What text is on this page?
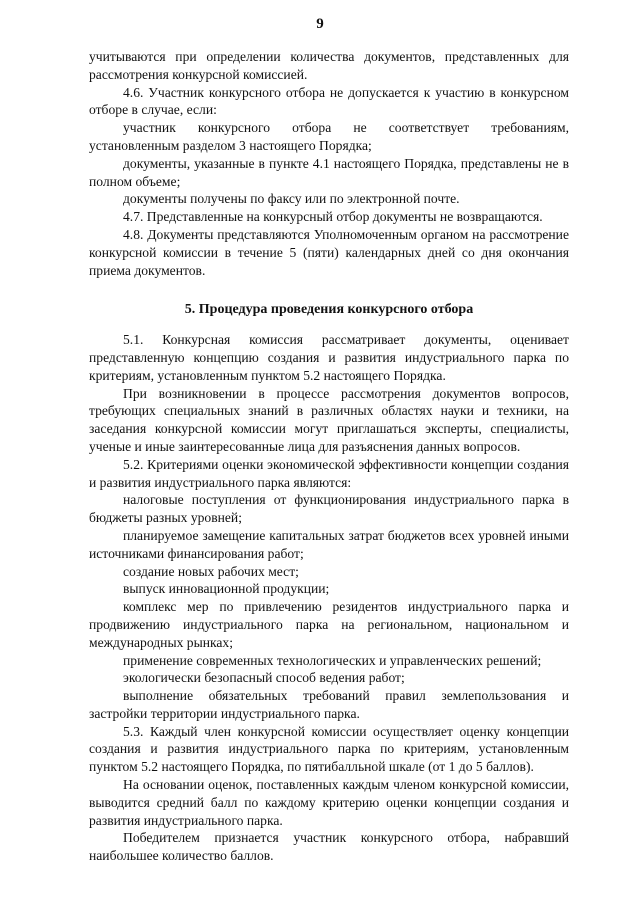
9

учитываются при определении количества документов, представленных для рассмотрения конкурсной комиссией.

4.6. Участник конкурсного отбора не допускается к участию в конкурсном отборе в случае, если:

участник конкурсного отбора не соответствует требованиям, установленным разделом 3 настоящего Порядка;

документы, указанные в пункте 4.1 настоящего Порядка, представлены не в полном объеме;

документы получены по факсу или по электронной почте.

4.7. Представленные на конкурсный отбор документы не возвращаются.

4.8. Документы представляются Уполномоченным органом на рассмотрение конкурсной комиссии в течение 5 (пяти) календарных дней со дня окончания приема документов.

5. Процедура проведения конкурсного отбора

5.1. Конкурсная комиссия рассматривает документы, оценивает представленную концепцию создания и развития индустриального парка по критериям, установленным пунктом 5.2 настоящего Порядка.

При возникновении в процессе рассмотрения документов вопросов, требующих специальных знаний в различных областях науки и техники, на заседания конкурсной комиссии могут приглашаться эксперты, специалисты, ученые и иные заинтересованные лица для разъяснения данных вопросов.

5.2. Критериями оценки экономической эффективности концепции создания и развития индустриального парка являются:

налоговые поступления от функционирования индустриального парка в бюджеты разных уровней;

планируемое замещение капитальных затрат бюджетов всех уровней иными источниками финансирования работ;

создание новых рабочих мест;

выпуск инновационной продукции;

комплекс мер по привлечению резидентов индустриального парка и продвижению индустриального парка на региональном, национальном и международных рынках;

применение современных технологических и управленческих решений;

экологически безопасный способ ведения работ;

выполнение обязательных требований правил землепользования и застройки территории индустриального парка.

5.3. Каждый член конкурсной комиссии осуществляет оценку концепции создания и развития индустриального парка по критериям, установленным пунктом 5.2 настоящего Порядка, по пятибалльной шкале (от 1 до 5 баллов).

На основании оценок, поставленных каждым членом конкурсной комиссии, выводится средний балл по каждому критерию оценки концепции создания и развития индустриального парка.

Победителем признается участник конкурсного отбора, набравший наибольшее количество баллов.
